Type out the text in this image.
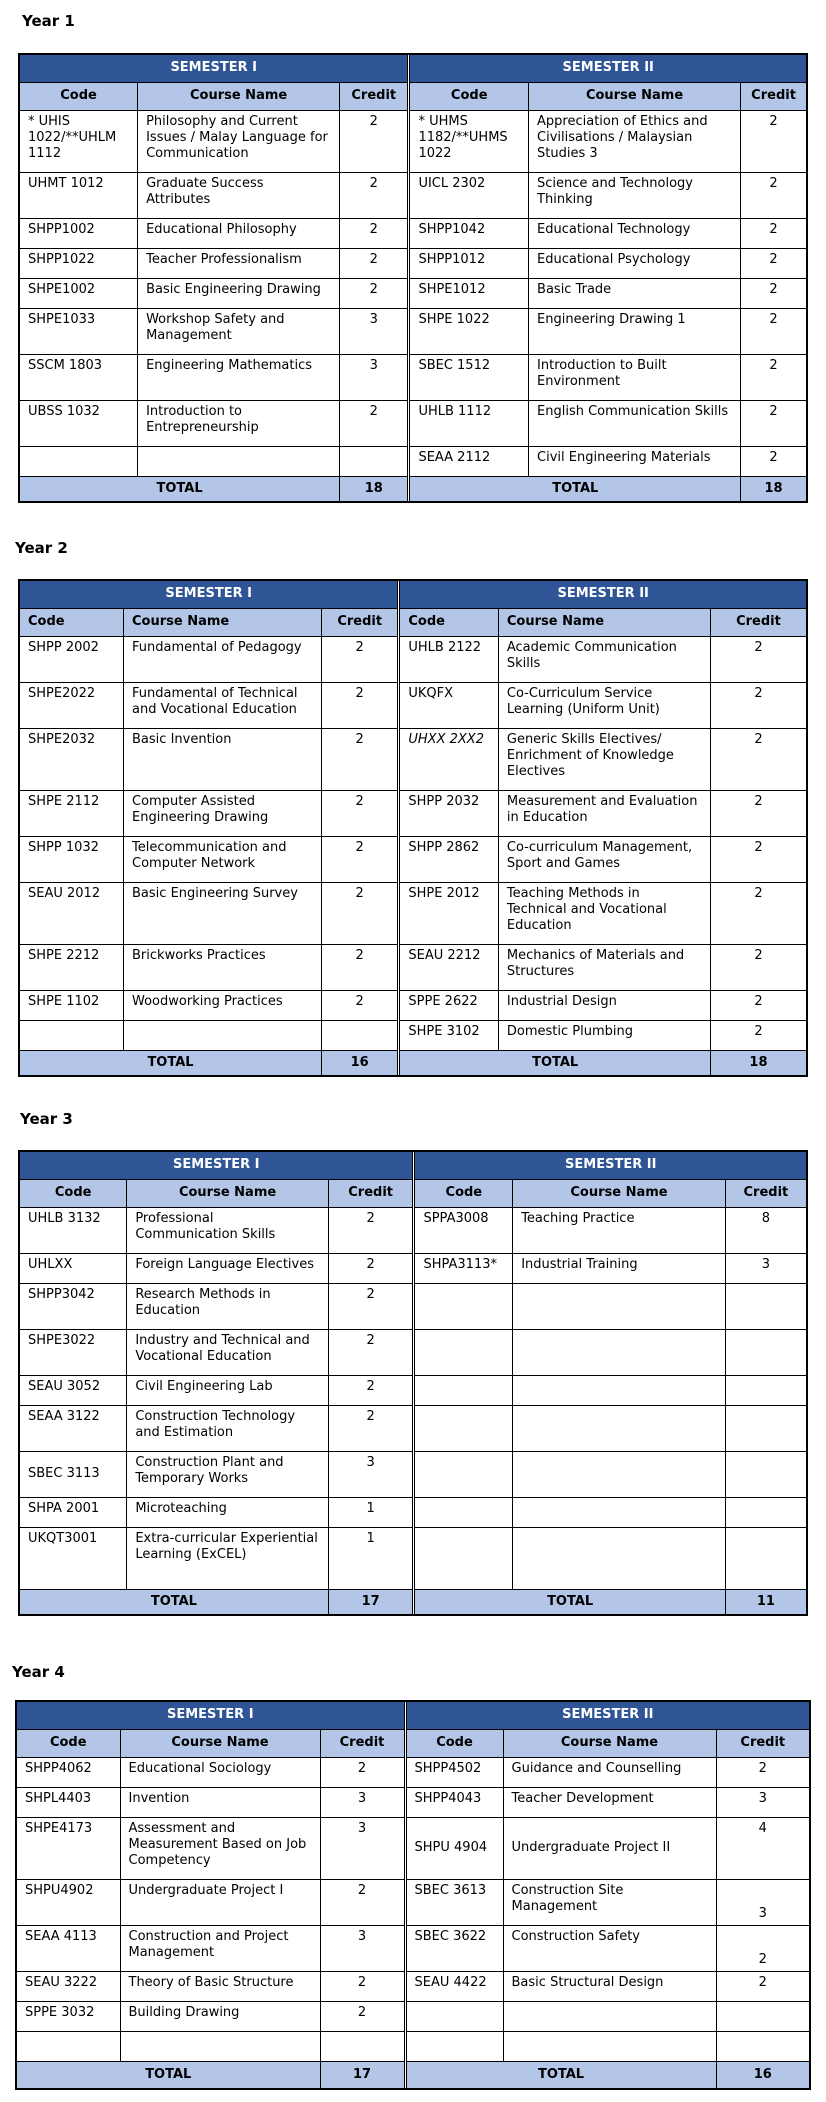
Year 1
SEMESTER I				SEMESTER II		
Code	Course Name	Credit		Code	Course Name	Credit
* UHIS 1022/**UHLM 1112	Philosophy and Current Issues / Malay Language for Communication	2		* UHMS 1182/**UHMS 1022	Appreciation of Ethics and Civilisations / Malaysian Studies 3	2
UHMT 1012	Graduate Success Attributes	2		UICL 2302	Science and Technology Thinking	2
SHPP1002	Educational Philosophy	2		SHPP1042	Educational Technology	2
SHPP1022	Teacher Professionalism	2		SHPP1012	Educational Psychology	2
SHPE1002	Basic Engineering Drawing	2		SHPE1012	Basic Trade	2
SHPE1033	Workshop Safety and Management	3		SHPE 1022	Engineering Drawing 1	2
SSCM 1803	Engineering Mathematics	3		SBEC 1512	Introduction to Built Environment	2
UBSS 1032	Introduction to Entrepreneurship	2		UHLB 1112	English Communication Skills	2
				SEAA 2112	Civil Engineering Materials	2
TOTAL		18		TOTAL		18
Year 2
SEMESTER I				SEMESTER II		
Code	Course Name	Credit		Code	Course Name	Credit
SHPP 2002	Fundamental of Pedagogy	2		UHLB 2122	Academic Communication Skills	2
SHPE2022	Fundamental of Technical and Vocational Education	2		UKQFX	Co-Curriculum Service Learning (Uniform Unit)	2
SHPE2032	Basic Invention	2		UHXX 2XX2	Generic Skills Electives/ Enrichment of Knowledge Electives	2
SHPE 2112	Computer Assisted Engineering Drawing	2		SHPP 2032	Measurement and Evaluation in Education	2
SHPP 1032	Telecommunication and Computer Network	2		SHPP 2862	Co-curriculum Management, Sport and Games	2
SEAU 2012	Basic Engineering Survey	2		SHPE 2012	Teaching Methods in Technical and Vocational Education	2
SHPE 2212	Brickworks Practices	2		SEAU 2212	Mechanics of Materials and Structures	2
SHPE 1102	Woodworking Practices	2		SPPE 2622	Industrial Design	2
				SHPE 3102	Domestic Plumbing	2
TOTAL		16		TOTAL		18
Year 3
SEMESTER I				SEMESTER II		
Code	Course Name	Credit		Code	Course Name	Credit
UHLB 3132	Professional Communication Skills	2		SPPA3008	Teaching Practice	8
UHLXX	Foreign Language Electives	2		SHPA3113*	Industrial Training	3
SHPP3042	Research Methods in Education	2				
SHPE3022	Industry and Technical and Vocational Education	2				
SEAU 3052	Civil Engineering Lab	2				
SEAA 3122	Construction Technology and Estimation	2				
SBEC 3113	Construction Plant and Temporary Works	3				
SHPA 2001	Microteaching	1				
UKQT3001	Extra-curricular Experiential Learning (ExCEL)	1				
TOTAL		17		TOTAL		11
Year 4
SEMESTER I				SEMESTER II		
Code	Course Name	Credit		Code	Course Name	Credit
SHPP4062	Educational Sociology	2		SHPP4502	Guidance and Counselling	2
SHPL4403	Invention	3		SHPP4043	Teacher Development	3
SHPE4173	Assessment and Measurement Based on Job Competency	3		SHPU 4904	Undergraduate Project II	4
SHPU4902	Undergraduate Project I	2		SBEC 3613	Construction Site Management	3
SEAA 4113	Construction and Project Management	3		SBEC 3622	Construction Safety	2
SEAU 3222	Theory of Basic Structure	2		SEAU 4422	Basic Structural Design	2
SPPE 3032	Building Drawing	2				

TOTAL		17		TOTAL		16
